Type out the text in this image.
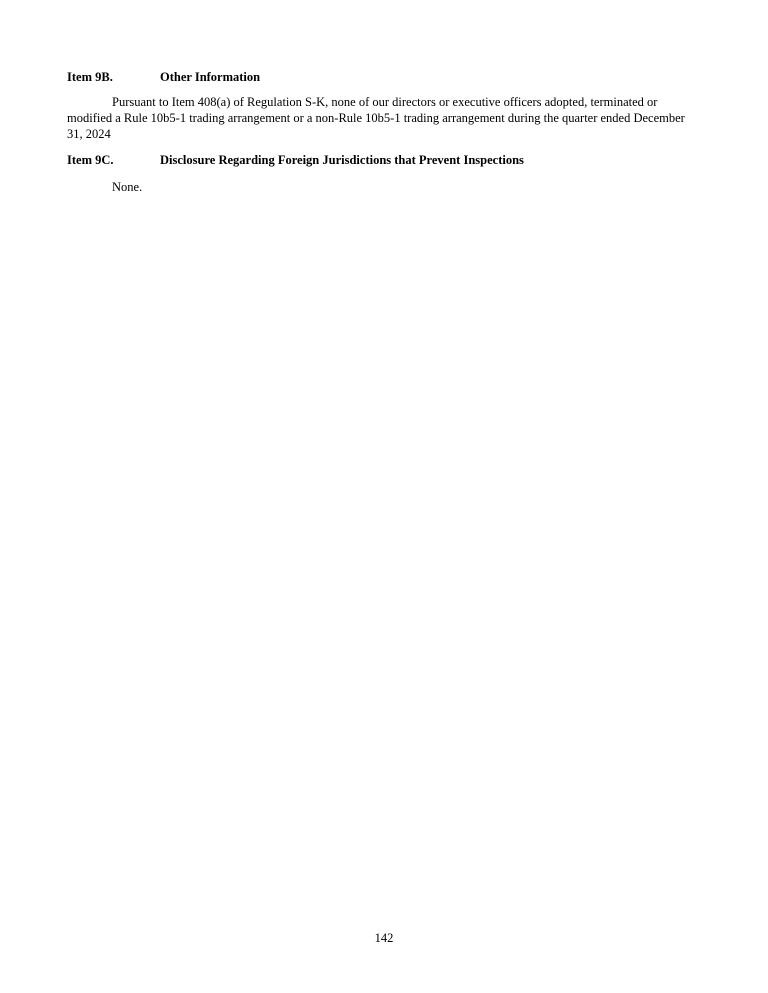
Item 9B.	Other Information

Pursuant to Item 408(a) of Regulation S-K, none of our directors or executive officers adopted, terminated or
modified a Rule 10b5-1 trading arrangement or a non-Rule 10b5-1 trading arrangement during the quarter ended December
31, 2024

Item 9C.	Disclosure Regarding Foreign Jurisdictions that Prevent Inspections

None.

142
